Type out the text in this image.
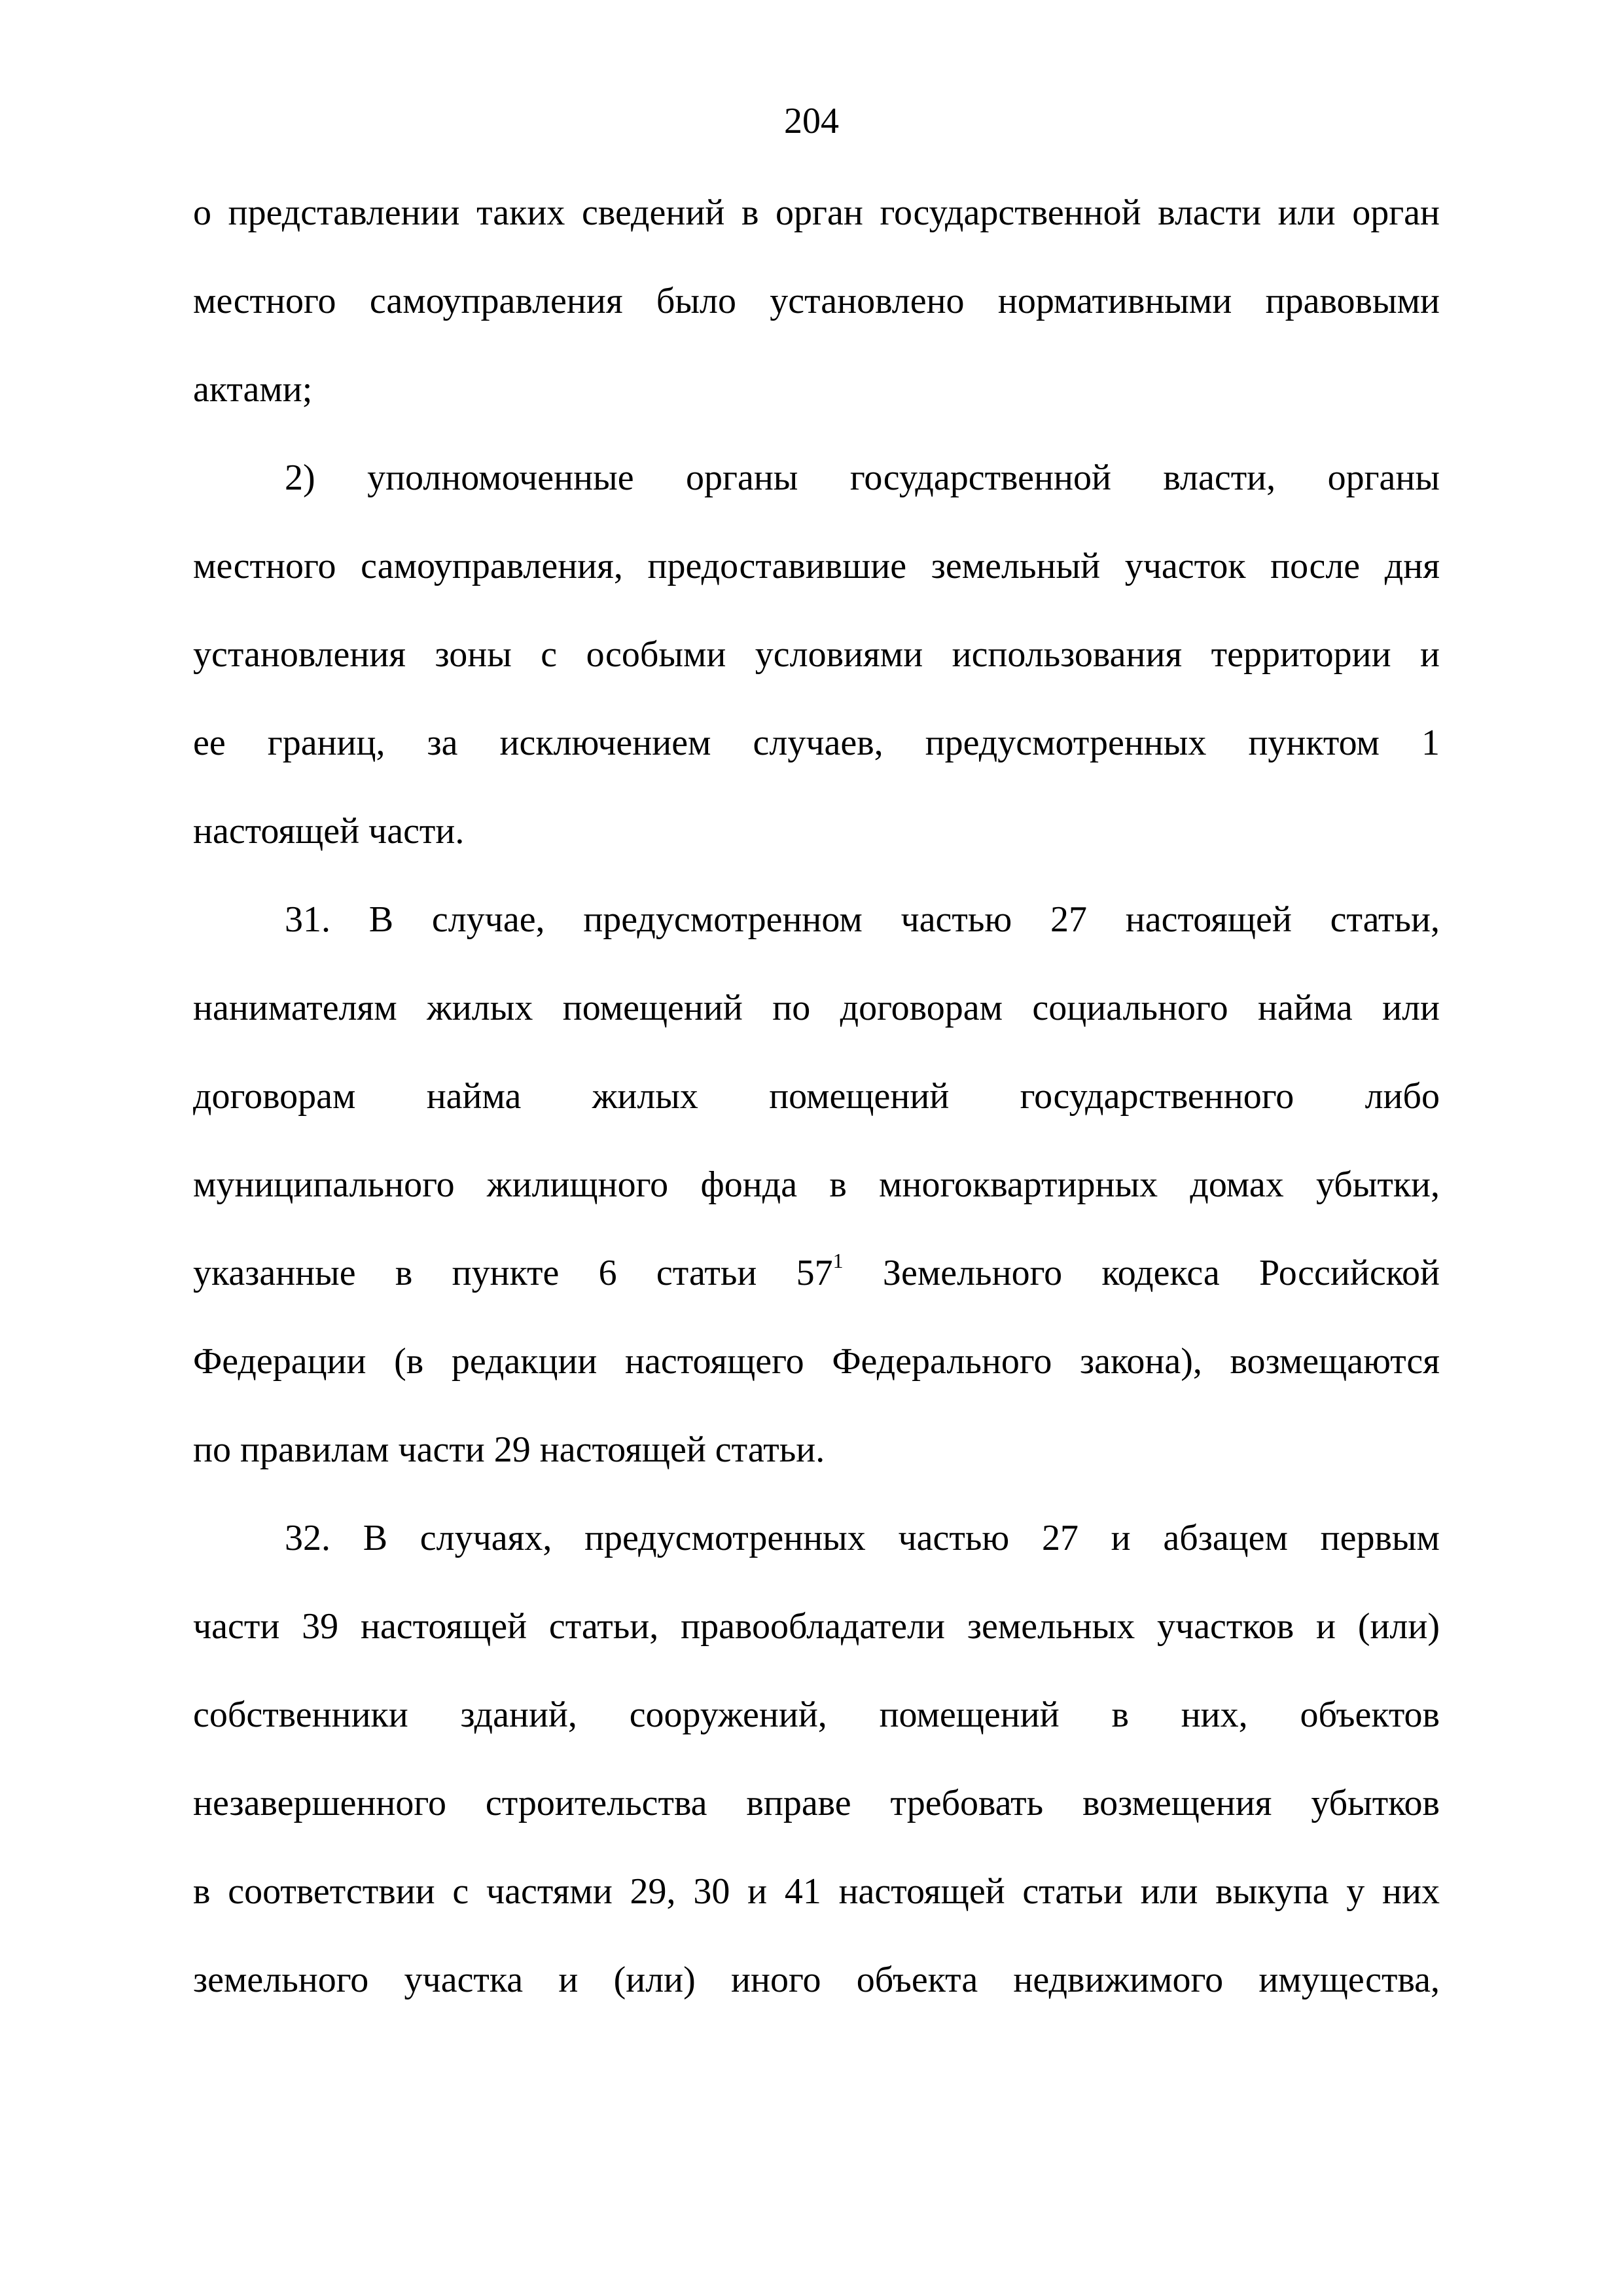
204
о представлении таких сведений в орган государственной власти или орган
местного самоуправления было установлено нормативными правовыми
актами;
2) уполномоченные органы государственной власти, органы
местного самоуправления, предоставившие земельный участок после дня
установления зоны с особыми условиями использования территории и
ее границ, за исключением случаев, предусмотренных пунктом 1
настоящей части.
31. В случае, предусмотренном частью 27 настоящей статьи,
нанимателям жилых помещений по договорам социального найма или
договорам найма жилых помещений государственного либо
муниципального жилищного фонда в многоквартирных домах убытки,
указанные в пункте 6 статьи $57^1$ Земельного кодекса Российской
Федерации (в редакции настоящего Федерального закона), возмещаются
по правилам части 29 настоящей статьи.
32. В случаях, предусмотренных частью 27 и абзацем первым
части 39 настоящей статьи, правообладатели земельных участков и (или)
собственники зданий, сооружений, помещений в них, объектов
незавершенного строительства вправе требовать возмещения убытков
в соответствии с частями 29, 30 и 41 настоящей статьи или выкупа у них
земельного участка и (или) иного объекта недвижимого имущества,
